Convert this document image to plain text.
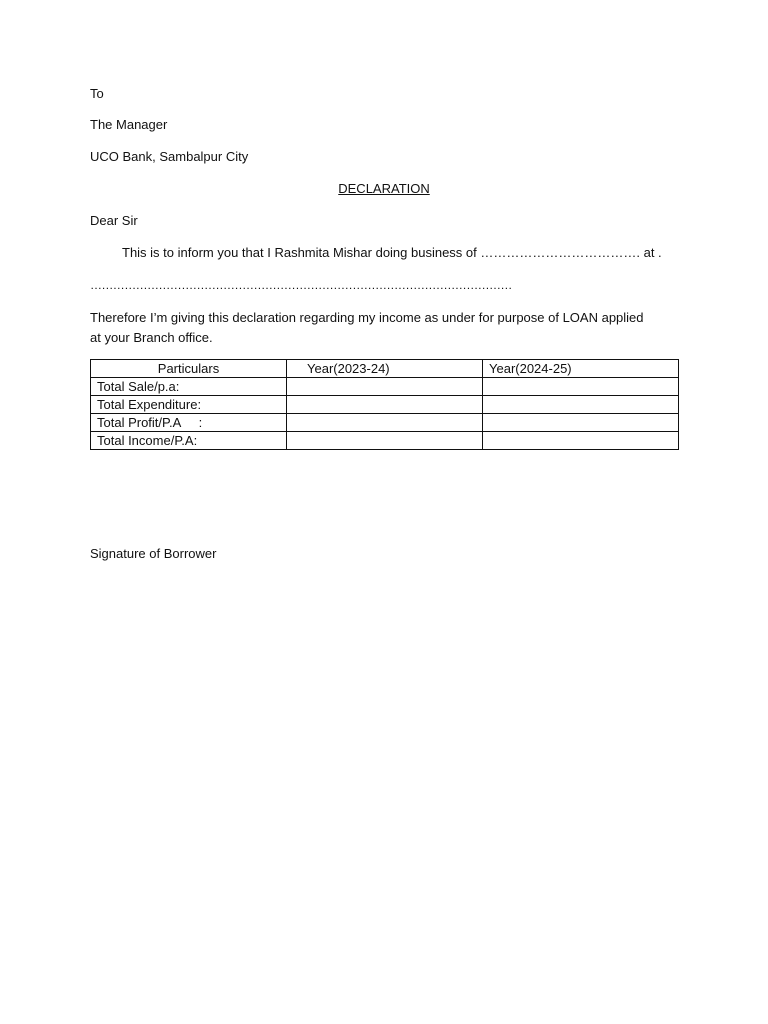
To
The Manager
UCO Bank, Sambalpur City
DECLARATION
Dear Sir
This is to inform you that I Rashmita Mishar doing business of ………………………………. at .
…………………………………………………………………………………………………
Therefore I’m giving this declaration regarding my income as under for purpose of LOAN applied at your Branch office.
Particulars	Year(2023-24)	Year(2024-25)
Total Sale/p.a:		
Total Expenditure:		
Total Profit/P.A     :		
Total Income/P.A:		
Signature of Borrower
